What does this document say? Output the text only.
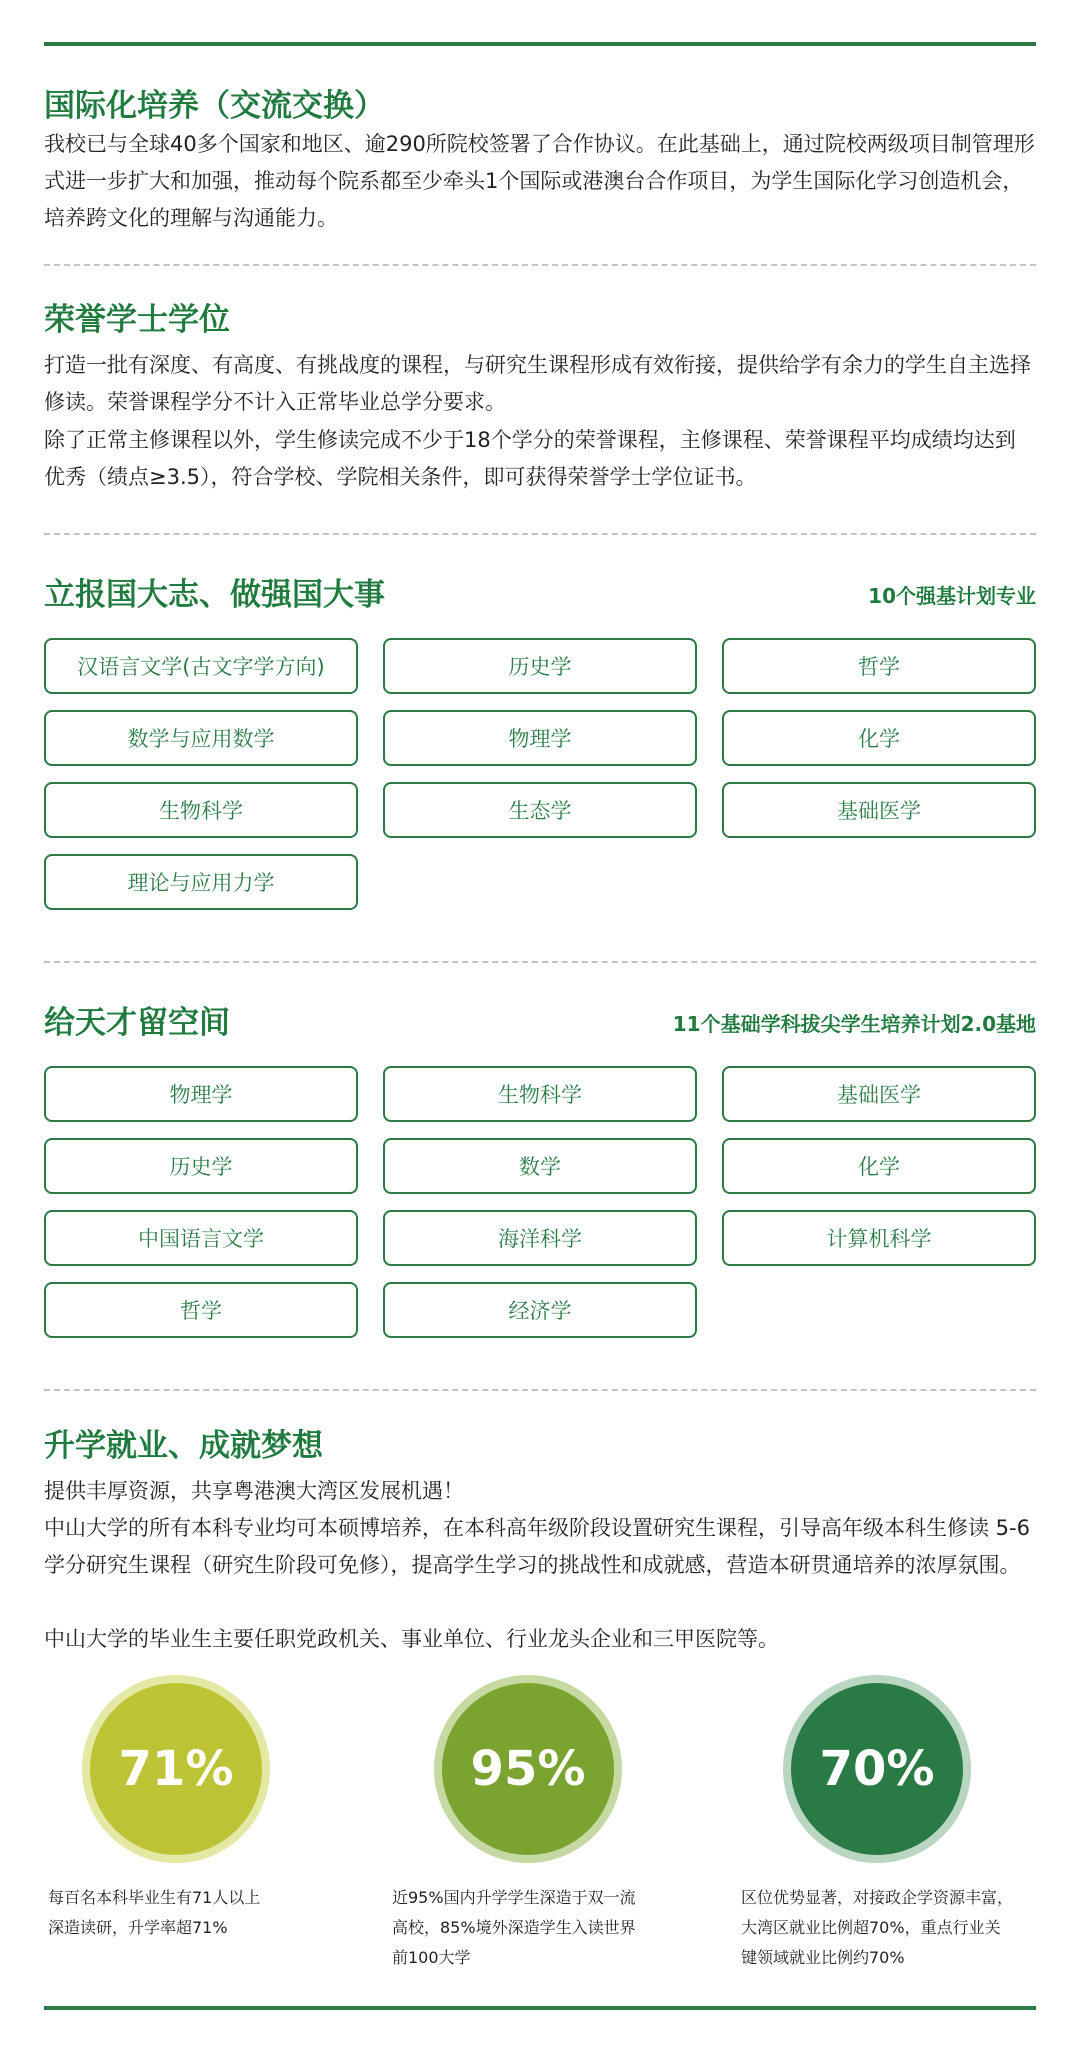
国际化培养（交流交换）

我校已与全球40多个国家和地区、逾290所院校签署了合作协议。在此基础上，通过院校两级项目制管理形式进一步扩大和加强，推动每个院系都至少牵头1个国际或港澳台合作项目，为学生国际化学习创造机会，培养跨文化的理解与沟通能力。

荣誉学士学位

打造一批有深度、有高度、有挑战度的课程，与研究生课程形成有效衔接，提供给学有余力的学生自主选择修读。荣誉课程学分不计入正常毕业总学分要求。

除了正常主修课程以外，学生修读完成不少于18个学分的荣誉课程，主修课程、荣誉课程平均成绩均达到优秀（绩点≥3.5），符合学校、学院相关条件，即可获得荣誉学士学位证书。

立报国大志、做强国大事	10个强基计划专业
汉语言文学(古文字学方向)	历史学	哲学
数学与应用数学	物理学	化学
生物科学	生态学	基础医学
理论与应用力学
给天才留空间	11个基础学科拔尖学生培养计划2.0基地
物理学	生物科学	基础医学
历史学	数学	化学
中国语言文学	海洋科学	计算机科学
哲学	经济学
升学就业、成就梦想

提供丰厚资源，共享粤港澳大湾区发展机遇！

中山大学的所有本科专业均可本硕博培养，在本科高年级阶段设置研究生课程，引导高年级本科生修读 5-6 学分研究生课程（研究生阶段可免修），提高学生学习的挑战性和成就感，营造本研贯通培养的浓厚氛围。

中山大学的毕业生主要任职党政机关、事业单位、行业龙头企业和三甲医院等。

71%	95%	70%
每百名本科毕业生有71人以上
深造读研，升学率超71%
近95%国内升学学生深造于双一流
高校，85%境外深造学生入读世界
前100大学
区位优势显著，对接政企学资源丰富，
大湾区就业比例超70%，重点行业关
键领域就业比例约70%
